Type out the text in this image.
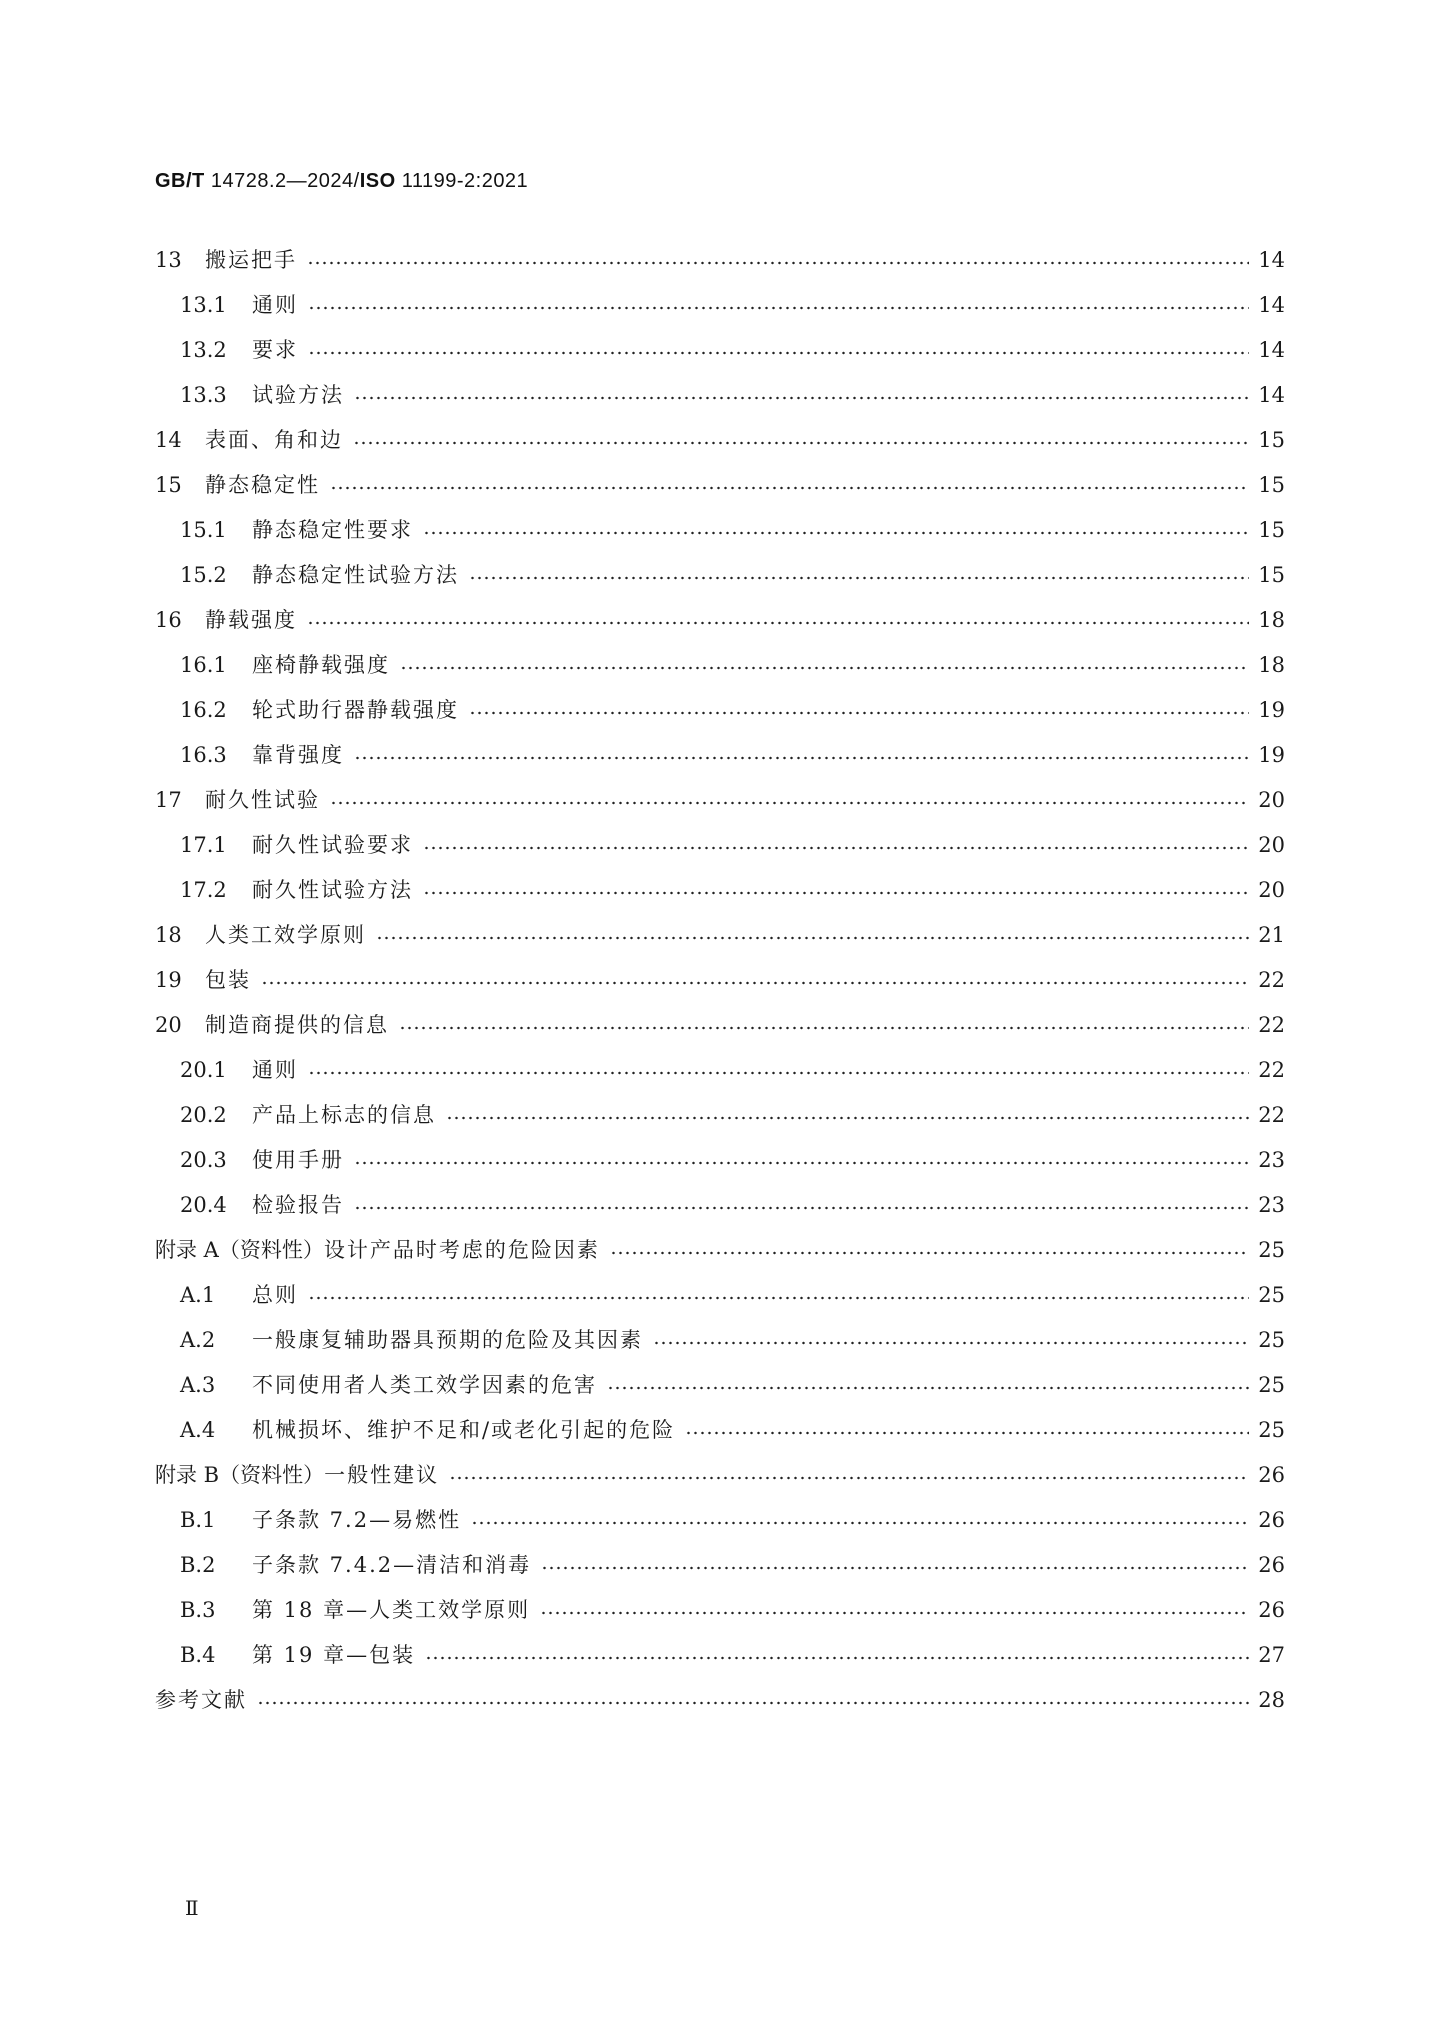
GB/T 14728.2—2024/ISO 11199-2:2021
13 搬运把手	14
13.1 通则	14
13.2 要求	14
13.3 试验方法	14
14 表面、角和边	15
15 静态稳定性	15
15.1 静态稳定性要求	15
15.2 静态稳定性试验方法	15
16 静载强度	18
16.1 座椅静载强度	18
16.2 轮式助行器静载强度	19
16.3 靠背强度	19
17 耐久性试验	20
17.1 耐久性试验要求	20
17.2 耐久性试验方法	20
18 人类工效学原则	21
19 包装	22
20 制造商提供的信息	22
20.1 通则	22
20.2 产品上标志的信息	22
20.3 使用手册	23
20.4 检验报告	23
附录 A（资料性） 设计产品时考虑的危险因素	25
A.1	总则	25
A.2	一般康复辅助器具预期的危险及其因素	25
A.3	不同使用者人类工效学因素的危害	25
A.4	机械损坏、维护不足和/或老化引起的危险	25
附录 B（资料性） 一般性建议	26
B.1	子条款 7.2—易燃性	26
B.2	子条款 7.4.2—清洁和消毒	26
B.3	第 18 章—人类工效学原则	26
B.4	第 19 章—包装	27
参考文献	28
Ⅱ
